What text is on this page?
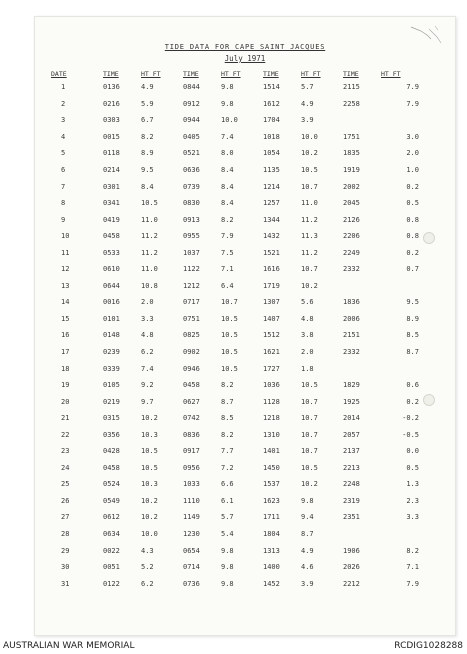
TIDE DATA FOR CAPE SAINT JACQUES
July 1971
DATE	TIME	HT FT	TIME	HT FT	TIME	HT FT	TIME	HT FT
1	0136	4.9	0844	9.8	1514	5.7	2115	7.9
2	0216	5.9	0912	9.8	1612	4.9	2258	7.9
3	0303	6.7	0944	10.0	1704	3.9		
4	0015	8.2	0405	7.4	1018	10.0	1751	3.0
5	0118	8.9	0521	8.0	1054	10.2	1835	2.0
6	0214	9.5	0636	8.4	1135	10.5	1919	1.0
7	0301	8.4	0739	8.4	1214	10.7	2002	0.2
8	0341	10.5	0830	8.4	1257	11.0	2045	0.5
9	0419	11.0	0913	8.2	1344	11.2	2126	0.8
10	0458	11.2	0955	7.9	1432	11.3	2206	0.8
11	0533	11.2	1037	7.5	1521	11.2	2249	0.2
12	0610	11.0	1122	7.1	1616	10.7	2332	0.7
13	0644	10.8	1212	6.4	1719	10.2		
14	0016	2.0	0717	10.7	1307	5.6	1836	9.5
15	0101	3.3	0751	10.5	1407	4.8	2006	8.9
16	0148	4.8	0825	10.5	1512	3.8	2151	8.5
17	0239	6.2	0902	10.5	1621	2.0	2332	8.7
18	0339	7.4	0946	10.5	1727	1.8		
19	0105	9.2	0458	8.2	1036	10.5	1829	0.6
20	0219	9.7	0627	8.7	1128	10.7	1925	0.2
21	0315	10.2	0742	8.5	1218	10.7	2014	-0.2
22	0356	10.3	0836	8.2	1310	10.7	2057	-0.5
23	0428	10.5	0917	7.7	1401	10.7	2137	0.0
24	0458	10.5	0956	7.2	1450	10.5	2213	0.5
25	0524	10.3	1033	6.6	1537	10.2	2248	1.3
26	0549	10.2	1110	6.1	1623	9.8	2319	2.3
27	0612	10.2	1149	5.7	1711	9.4	2351	3.3
28	0634	10.0	1230	5.4	1804	8.7		
29	0022	4.3	0654	9.8	1313	4.9	1906	8.2
30	0051	5.2	0714	9.8	1400	4.6	2026	7.1
31	0122	6.2	0736	9.8	1452	3.9	2212	7.9
AUSTRALIAN WAR MEMORIAL	RCDIG1028288
